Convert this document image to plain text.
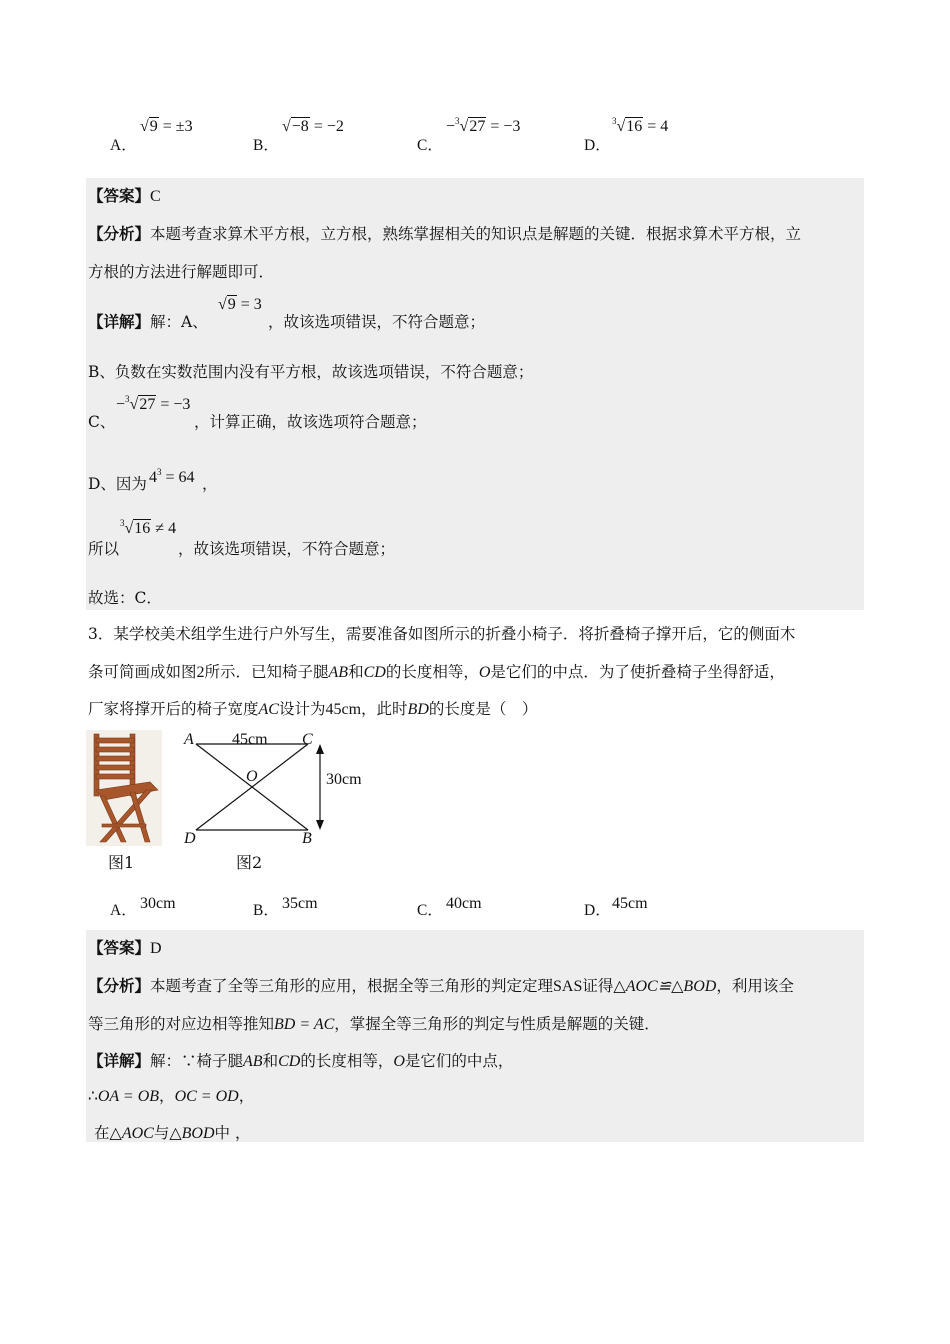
A．
√9 = ±3
B．
√−8 = −2
C．
−$^3$√27 = −3
D．
$^3$√16 = 4
【答案】C
【分析】本题考查求算术平方根，立方根，熟练掌握相关的知识点是解题的关键．根据求算术平方根，立
方根的方法进行解题即可．
【详解】解：A、
√9 = 3
，故该选项错误，不符合题意；
B、负数在实数范围内没有平方根，故该选项错误，不符合题意；
C、
−$^3$√27 = −3
，计算正确，故该选项符合题意；
D、因为 $4^3 = 64$ ，
所以
$^3$√16 ≠ 4
，故该选项错误，不符合题意；
故选：C．
3．某学校美术组学生进行户外写生，需要准备如图所示的折叠小椅子．将折叠椅子撑开后，它的侧面木
条可简画成如图2所示．已知椅子腿AB和CD的长度相等，O是它们的中点．为了使折叠椅子坐得舒适，
厂家将撑开后的椅子宽度AC设计为45cm，此时BD的长度是（　）
图1
A 45cm C
O	30cm
D	B
图2
A． 30cm	B． 35cm	C． 40cm	D． 45cm
【答案】D
【分析】本题考查了全等三角形的应用，根据全等三角形的判定定理SAS证得△AOC≌△BOD，利用该全
等三角形的对应边相等推知BD = AC，掌握全等三角形的判定与性质是解题的关键．
【详解】解：∵椅子腿AB和CD的长度相等，O是它们的中点，
∴OA = OB，OC = OD，
在△AOC与△BOD中 ，
